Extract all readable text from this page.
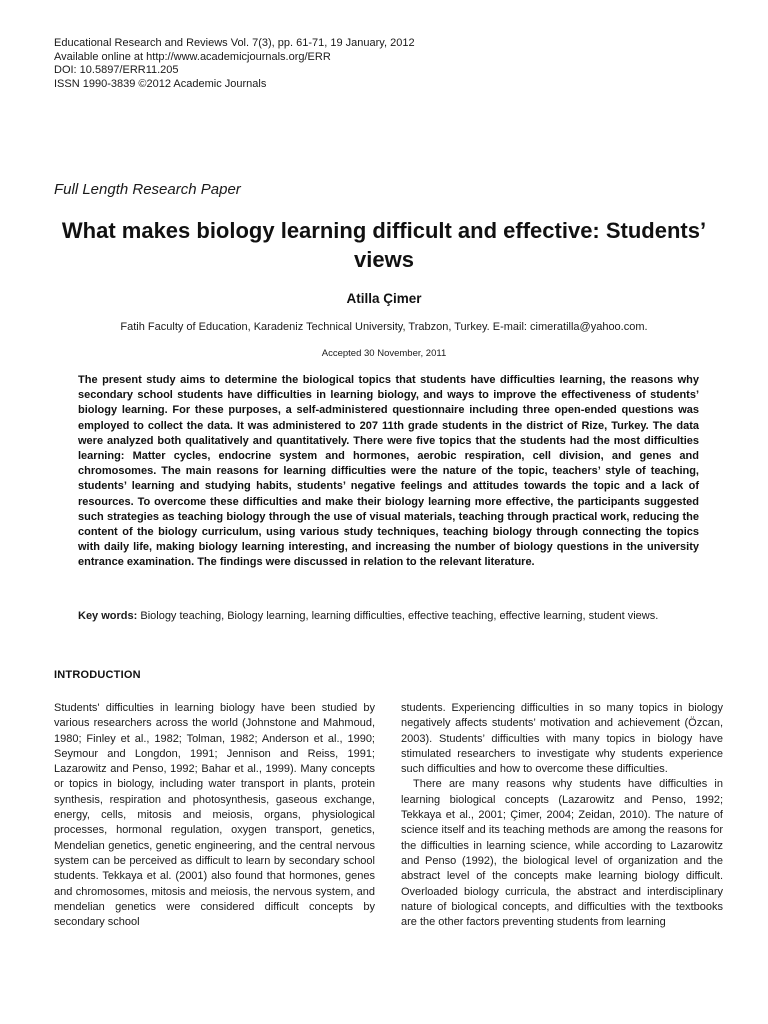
Educational Research and Reviews Vol. 7(3), pp. 61-71, 19 January, 2012
Available online at http://www.academicjournals.org/ERR
DOI: 10.5897/ERR11.205
ISSN 1990-3839 ©2012 Academic Journals
Full Length Research Paper
What makes biology learning difficult and effective: Students’ views
Atilla Çimer
Fatih Faculty of Education, Karadeniz Technical University, Trabzon, Turkey. E-mail: cimeratilla@yahoo.com.
Accepted 30 November, 2011
The present study aims to determine the biological topics that students have difficulties learning, the reasons why secondary school students have difficulties in learning biology, and ways to improve the effectiveness of students’ biology learning. For these purposes, a self-administered questionnaire including three open-ended questions was employed to collect the data. It was administered to 207 11th grade students in the district of Rize, Turkey. The data were analyzed both qualitatively and quantitatively. There were five topics that the students had the most difficulties learning: Matter cycles, endocrine system and hormones, aerobic respiration, cell division, and genes and chromosomes. The main reasons for learning difficulties were the nature of the topic, teachers’ style of teaching, students’ learning and studying habits, students’ negative feelings and attitudes towards the topic and a lack of resources. To overcome these difficulties and make their biology learning more effective, the participants suggested such strategies as teaching biology through the use of visual materials, teaching through practical work, reducing the content of the biology curriculum, using various study techniques, teaching biology through connecting the topics with daily life, making biology learning interesting, and increasing the number of biology questions in the university entrance examination. The findings were discussed in relation to the relevant literature.
Key words: Biology teaching, Biology learning, learning difficulties, effective teaching, effective learning, student views.
INTRODUCTION

Students' difficulties in learning biology have been studied by various researchers across the world (Johnstone and Mahmoud, 1980; Finley et al., 1982; Tolman, 1982; Anderson et al., 1990; Seymour and Longdon, 1991; Jennison and Reiss, 1991; Lazarowitz and Penso, 1992; Bahar et al., 1999). Many concepts or topics in biology, including water transport in plants, protein synthesis, respiration and photosynthesis, gaseous exchange, energy, cells, mitosis and meiosis, organs, physiological processes, hormonal regulation, oxygen transport, genetics, Mendelian genetics, genetic engineering, and the central nervous system can be perceived as difficult to learn by secondary school students. Tekkaya et al. (2001) also found that hormones, genes and chromosomes, mitosis and meiosis, the nervous system, and mendelian genetics were considered difficult concepts by secondary school

students. Experiencing difficulties in so many topics in biology negatively affects students’ motivation and achievement (Özcan, 2003). Students’ difficulties with many topics in biology have stimulated researchers to investigate why students experience such difficulties and how to overcome these difficulties.

There are many reasons why students have difficulties in learning biological concepts (Lazarowitz and Penso, 1992; Tekkaya et al., 2001; Çimer, 2004; Zeidan, 2010). The nature of science itself and its teaching methods are among the reasons for the difficulties in learning science, while according to Lazarowitz and Penso (1992), the biological level of organization and the abstract level of the concepts make learning biology difficult. Overloaded biology curricula, the abstract and interdisciplinary nature of biological concepts, and difficulties with the textbooks are the other factors preventing students from learning
